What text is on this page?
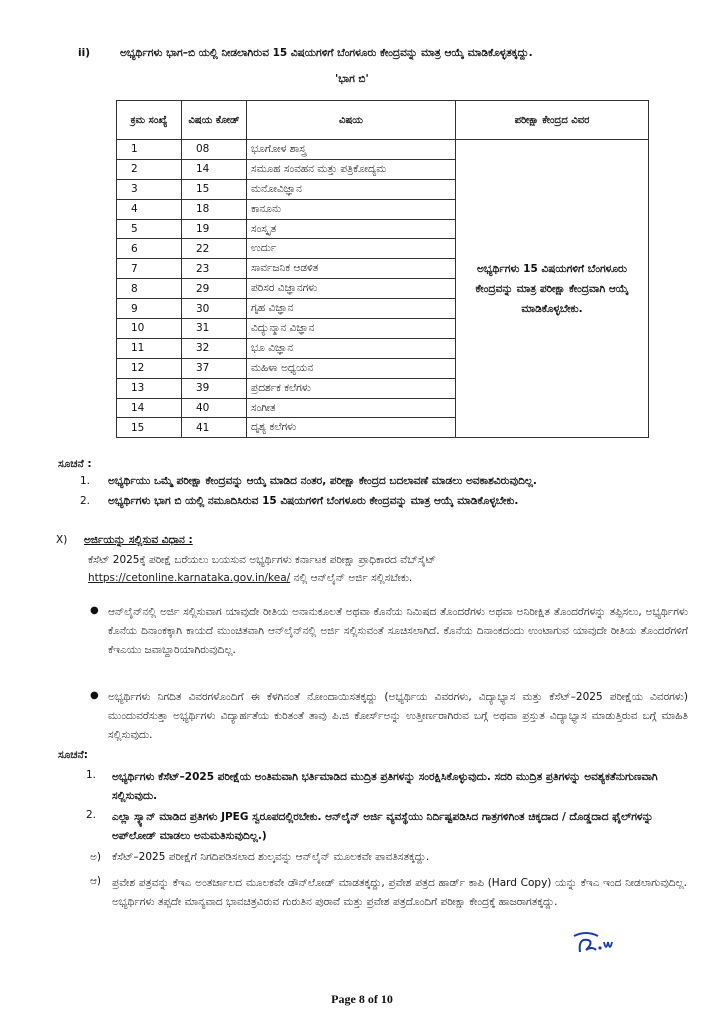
ii)	ಅಭ್ಯರ್ಥಿಗಳು ಭಾಗ–ಬಿ ಯಲ್ಲಿ ನೀಡಲಾಗಿರುವ 15 ವಿಷಯಗಳಿಗೆ ಬೆಂಗಳೂರು ಕೇಂದ್ರವನ್ನು ಮಾತ್ರ ಆಯ್ಕೆ ಮಾಡಿಕೊಳ್ಳತಕ್ಕದ್ದು.
'ಭಾಗ ಬಿ'
ಕ್ರಮ ಸಂಖ್ಯೆ	ವಿಷಯ ಕೋಡ್	ವಿಷಯ	ಪರೀಕ್ಷಾ ಕೇಂದ್ರದ ವಿವರ
1	08	ಭೂಗೋಳ ಶಾಸ್ತ್ರ	ಅಭ್ಯರ್ಥಿಗಳು 15 ವಿಷಯಗಳಿಗೆ ಬೆಂಗಳೂರು ಕೇಂದ್ರವನ್ನು ಮಾತ್ರ ಪರೀಕ್ಷಾ ಕೇಂದ್ರವಾಗಿ ಆಯ್ಕೆ ಮಾಡಿಕೊಳ್ಳಬೇಕು.
2	14	ಸಮೂಹ ಸಂವಹನ ಮತ್ತು ಪತ್ರಿಕೋದ್ಯಮ	
3	15	ಮನೋವಿಜ್ಞಾನ	
4	18	ಕಾನೂನು	
5	19	ಸಂಸ್ಕೃತ	
6	22	ಉರ್ದು	
7	23	ಸಾರ್ವಜನಿಕ ಆಡಳಿತ	
8	29	ಪರಿಸರ ವಿಜ್ಞಾನಗಳು	
9	30	ಗೃಹ ವಿಜ್ಞಾನ	
10	31	ವಿದ್ಯುನ್ಮಾನ ವಿಜ್ಞಾನ	
11	32	ಭೂ ವಿಜ್ಞಾನ	
12	37	ಮಹಿಳಾ ಅಧ್ಯಯನ	
13	39	ಪ್ರದರ್ಶಕ ಕಲೆಗಳು	
14	40	ಸಂಗೀತ	
15	41	ದೃಶ್ಯ ಕಲೆಗಳು	
ಸೂಚನೆ :
1. ಅಭ್ಯರ್ಥಿಯು ಒಮ್ಮೆ ಪರೀಕ್ಷಾ ಕೇಂದ್ರವನ್ನು ಆಯ್ಕೆ ಮಾಡಿದ ನಂತರ, ಪರೀಕ್ಷಾ ಕೇಂದ್ರದ ಬದಲಾವಣೆ ಮಾಡಲು ಅವಕಾಶವಿರುವುದಿಲ್ಲ.
2. ಅಭ್ಯರ್ಥಿಗಳು ಭಾಗ ಬಿ ಯಲ್ಲಿ ನಮೂದಿಸಿರುವ 15 ವಿಷಯಗಳಿಗೆ ಬೆಂಗಳೂರು ಕೇಂದ್ರವನ್ನು ಮಾತ್ರ ಆಯ್ಕೆ ಮಾಡಿಕೊಳ್ಳಬೇಕು.
X) ಅರ್ಜಿಯನ್ನು ಸಲ್ಲಿಸುವ ವಿಧಾನ :
ಕೆಸೆಟ್ 2025ಕ್ಕೆ ಪರೀಕ್ಷೆ ಬರೆಯಲು ಬಯಸುವ ಅಭ್ಯರ್ಥಿಗಳು ಕರ್ನಾಟಕ ಪರೀಕ್ಷಾ ಪ್ರಾಧಿಕಾರದ ವೆಬ್‌ಸೈಟ್
https://cetonline.karnataka.gov.in/kea/ ನಲ್ಲಿ ಆನ್‌ಲೈನ್ ಅರ್ಜಿ ಸಲ್ಲಿಸಬೇಕು.
● ಆನ್‌ಲೈನ್‌ನಲ್ಲಿ ಅರ್ಜಿ ಸಲ್ಲಿಸುವಾಗ ಯಾವುದೇ ರೀತಿಯ ಅನಾನುಕೂಲತೆ ಅಥವಾ ಕೊನೆಯ ನಿಮಿಷದ ತೊಂದರೆಗಳು ಅಥವಾ ಅನಿರೀಕ್ಷಿತ ತೊಂದರೆಗಳನ್ನು ತಪ್ಪಿಸಲು, ಅಭ್ಯರ್ಥಿಗಳು ಕೊನೆಯ ದಿನಾಂಕಕ್ಕಾಗಿ ಕಾಯದೆ ಮುಂಚಿತವಾಗಿ ಆನ್‌ಲೈನ್‌ನಲ್ಲಿ ಅರ್ಜಿ ಸಲ್ಲಿಸುವಂತೆ ಸೂಚಿಸಲಾಗಿದೆ. ಕೊನೆಯ ದಿನಾಂಕದಂದು ಉಂಟಾಗುವ ಯಾವುದೇ ರೀತಿಯ ತೊಂದರೆಗಳಿಗೆ ಕೆಇಎಯು ಜವಾಬ್ದಾರಿಯಾಗಿರುವುದಿಲ್ಲ.
● ಅಭ್ಯರ್ಥಿಗಳು ನಿಗದಿತ ವಿವರಗಳೊಂದಿಗೆ ಈ ಕೆಳಗಿನಂತೆ ನೋಂದಾಯಿಸತಕ್ಕದ್ದು (ಅಭ್ಯರ್ಥಿಯ ವಿವರಗಳು, ವಿದ್ಯಾಭ್ಯಾಸ ಮತ್ತು ಕೆಸೆಟ್–2025 ಪರೀಕ್ಷೆಯ ವಿವರಗಳು) ಮುಂದುವರೆಸುತ್ತಾ ಅಭ್ಯರ್ಥಿಗಳು ವಿದ್ಯಾರ್ಹತೆಯ ಕುರಿತಂತೆ ತಾವು ಪಿ.ಜಿ ಕೋರ್ಸ್‌ಅನ್ನು ಉತ್ತೀರ್ಣರಾಗಿರುವ ಬಗ್ಗೆ ಅಥವಾ ಪ್ರಸ್ತುತ ವಿದ್ಯಾಭ್ಯಾಸ ಮಾಡುತ್ತಿರುವ ಬಗ್ಗೆ ಮಾಹಿತಿ ಸಲ್ಲಿಸುವುದು.
ಸೂಚನೆ:
1. ಅಭ್ಯರ್ಥಿಗಳು ಕೆಸೆಟ್–2025 ಪರೀಕ್ಷೆಯ ಅಂತಿಮವಾಗಿ ಭರ್ತಿಮಾಡಿದ ಮುದ್ರಿತ ಪ್ರತಿಗಳನ್ನು ಸಂರಕ್ಷಿಸಿಕೊಳ್ಳುವುದು. ಸದರಿ ಮುದ್ರಿತ ಪ್ರತಿಗಳನ್ನು ಅವಶ್ಯಕತೆನುಗುಣವಾಗಿ ಸಲ್ಲಿಸುವುದು.
2. ಎಲ್ಲಾ ಸ್ಕ್ಯಾನ್ ಮಾಡಿದ ಪ್ರತಿಗಳು JPEG ಸ್ವರೂಪದಲ್ಲಿರಬೇಕು. ಆನ್‌ಲೈನ್ ಅರ್ಜಿ ವ್ಯವಸ್ಥೆಯು ನಿರ್ದಿಷ್ಟಪಡಿಸಿದ ಗಾತ್ರಗಳಿಗಿಂತ ಚಿಕ್ಕದಾದ / ದೊಡ್ಡದಾದ ಫೈಲ್‌ಗಳನ್ನು ಅಪ್‌ಲೋಡ್ ಮಾಡಲು ಅನುಮತಿಸುವುದಿಲ್ಲ.)
ಅ) ಕೆಸೆಟ್–2025 ಪರೀಕ್ಷೆಗೆ ನಿಗದಿಪಡಿಸಲಾದ ಶುಲ್ಕವನ್ನು ಆನ್‌ಲೈನ್ ಮೂಲಕವೇ ಪಾವತಿಸತಕ್ಕದ್ದು.
ಆ) ಪ್ರವೇಶ ಪತ್ರವನ್ನು ಕೆಇಎ ಅಂತರ್ಜಾಲದ ಮೂಲಕವೇ ಡೌನ್‌ಲೋಡ್ ಮಾಡತಕ್ಕದ್ದು, ಪ್ರವೇಶ ಪತ್ರದ ಹಾರ್ಡ್ ಕಾಪಿ (Hard Copy) ಯನ್ನು ಕೆಇಎ ಇಂದ ನೀಡಲಾಗುವುದಿಲ್ಲ. ಅಭ್ಯರ್ಥಿಗಳು ತಪ್ಪದೇ ಮಾನ್ಯವಾದ ಭಾವಚಿತ್ರವಿರುವ ಗುರುತಿನ ಪುರಾವೆ ಮತ್ತು ಪ್ರವೇಶ ಪತ್ರದೊಂದಿಗೆ ಪರೀಕ್ಷಾ ಕೇಂದ್ರಕ್ಕೆ ಹಾಜರಾಗತಕ್ಕದ್ದು.
Page 8 of 10
